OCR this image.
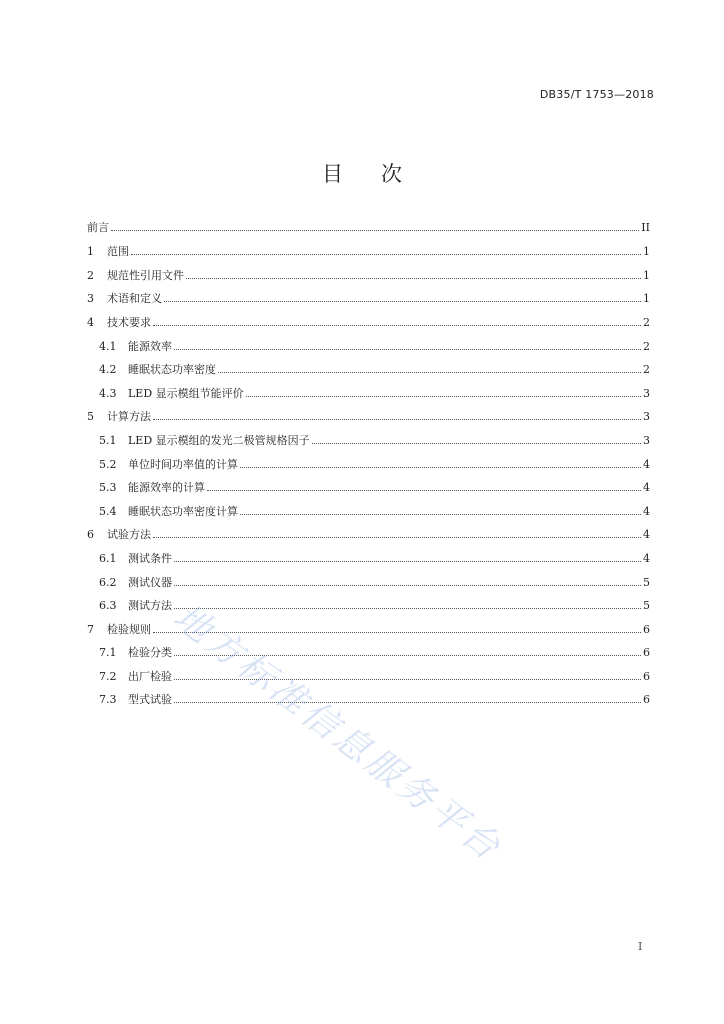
DB35/T 1753—2018
目 次
前言	II
1	范围	1
2	规范性引用文件	1
3	术语和定义	1
4	技术要求	2
4.1	能源效率	2
4.2	睡眠状态功率密度	2
4.3	LED 显示模组节能评价	3
5	计算方法	3
5.1	LED 显示模组的发光二极管规格因子	3
5.2	单位时间功率值的计算	4
5.3	能源效率的计算	4
5.4	睡眠状态功率密度计算	4
6	试验方法	4
6.1	测试条件	4
6.2	测试仪器	5
6.3	测试方法	5
7	检验规则	6
7.1	检验分类	6
7.2	出厂检验	6
7.3	型式试验	6
地方标准信息服务平台
I
